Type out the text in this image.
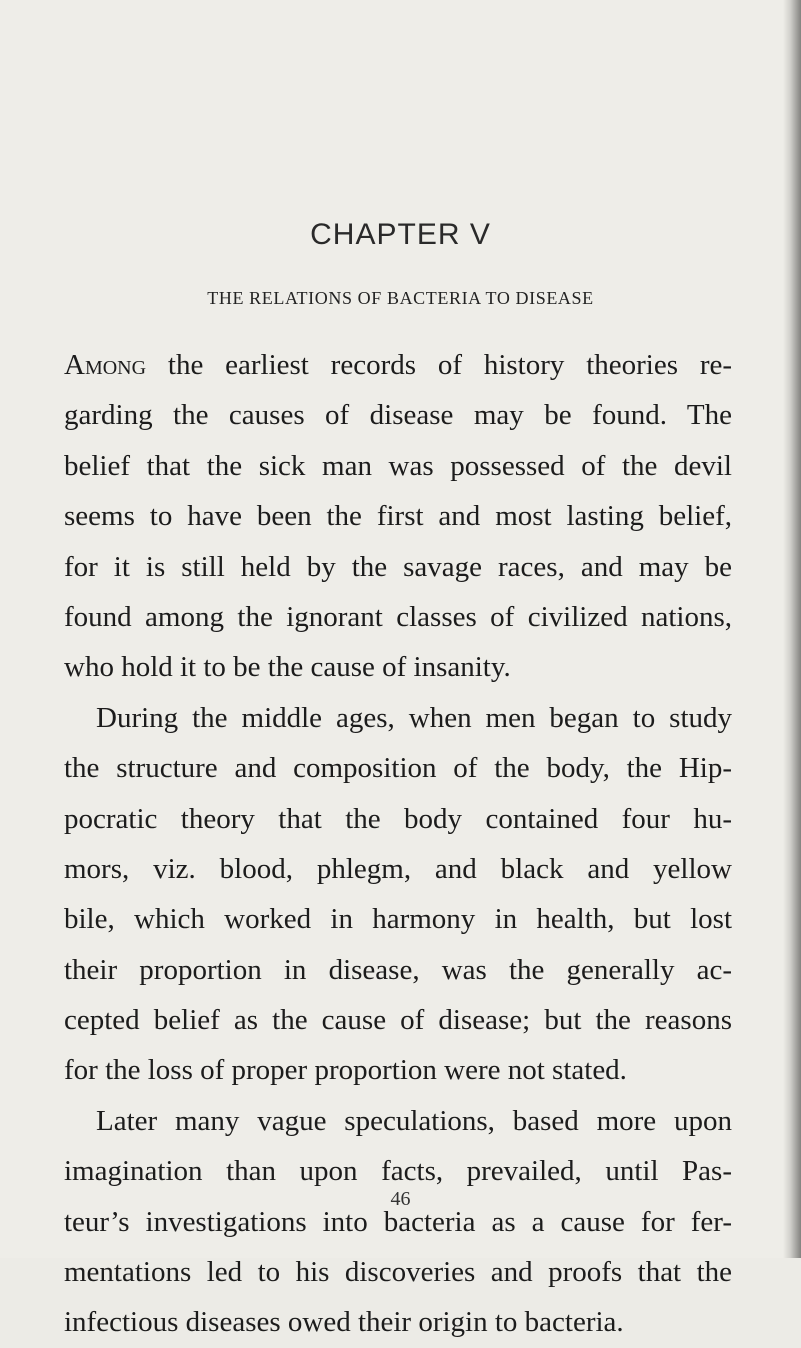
CHAPTER V
THE RELATIONS OF BACTERIA TO DISEASE
Among the earliest records of history theories re-
garding the causes of disease may be found. The
belief that the sick man was possessed of the devil
seems to have been the first and most lasting belief,
for it is still held by the savage races, and may be
found among the ignorant classes of civilized nations,
who hold it to be the cause of insanity.
During the middle ages, when men began to study
the structure and composition of the body, the Hip-
pocratic theory that the body contained four hu-
mors, viz. blood, phlegm, and black and yellow
bile, which worked in harmony in health, but lost
their proportion in disease, was the generally ac-
cepted belief as the cause of disease; but the reasons
for the loss of proper proportion were not stated.
Later many vague speculations, based more upon
imagination than upon facts, prevailed, until Pas-
teur’s investigations into bacteria as a cause for fer-
mentations led to his discoveries and proofs that the
infectious diseases owed their origin to bacteria.
46
